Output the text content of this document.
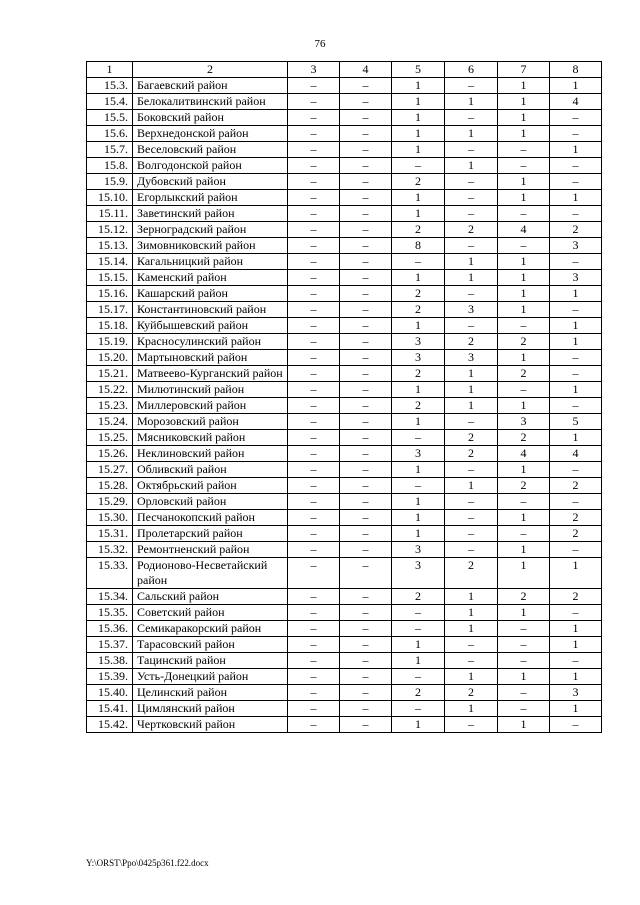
76
1	2	3	4	5	6	7	8
15.3.	Багаевский район	–	–	1	–	1	1
15.4.	Белокалитвинский район	–	–	1	1	1	4
15.5.	Боковский район	–	–	1	–	1	–
15.6.	Верхнедонской район	–	–	1	1	1	–
15.7.	Веселовский район	–	–	1	–	–	1
15.8.	Волгодонской район	–	–	–	1	–	–
15.9.	Дубовский район	–	–	2	–	1	–
15.10.	Егорлыкский район	–	–	1	–	1	1
15.11.	Заветинский район	–	–	1	–	–	–
15.12.	Зерноградский район	–	–	2	2	4	2
15.13.	Зимовниковский район	–	–	8	–	–	3
15.14.	Кагальницкий район	–	–	–	1	1	–
15.15.	Каменский район	–	–	1	1	1	3
15.16.	Кашарский район	–	–	2	–	1	1
15.17.	Константиновский район	–	–	2	3	1	–
15.18.	Куйбышевский район	–	–	1	–	–	1
15.19.	Красносулинский район	–	–	3	2	2	1
15.20.	Мартыновский район	–	–	3	3	1	–
15.21.	Матвеево-Курганский район	–	–	2	1	2	–
15.22.	Милютинский район	–	–	1	1	–	1
15.23.	Миллеровский район	–	–	2	1	1	–
15.24.	Морозовский район	–	–	1	–	3	5
15.25.	Мясниковский район	–	–	–	2	2	1
15.26.	Неклиновский район	–	–	3	2	4	4
15.27.	Обливский район	–	–	1	–	1	–
15.28.	Октябрьский район	–	–	–	1	2	2
15.29.	Орловский район	–	–	1	–	–	–
15.30.	Песчанокопский район	–	–	1	–	1	2
15.31.	Пролетарский район	–	–	1	–	–	2
15.32.	Ремонтненский район	–	–	3	–	1	–
15.33.	Родионово-Несветайский район	–	–	3	2	1	1
15.34.	Сальский район	–	–	2	1	2	2
15.35.	Советский район	–	–	–	1	1	–
15.36.	Семикаракорский район	–	–	–	1	–	1
15.37.	Тарасовский район	–	–	1	–	–	1
15.38.	Тацинский район	–	–	1	–	–	–
15.39.	Усть-Донецкий район	–	–	–	1	1	1
15.40.	Целинский район	–	–	2	2	–	3
15.41.	Цимлянский район	–	–	–	1	–	1
15.42.	Чертковский район	–	–	1	–	1	–
Y:\ORST\Ppo\0425p361.f22.docx
